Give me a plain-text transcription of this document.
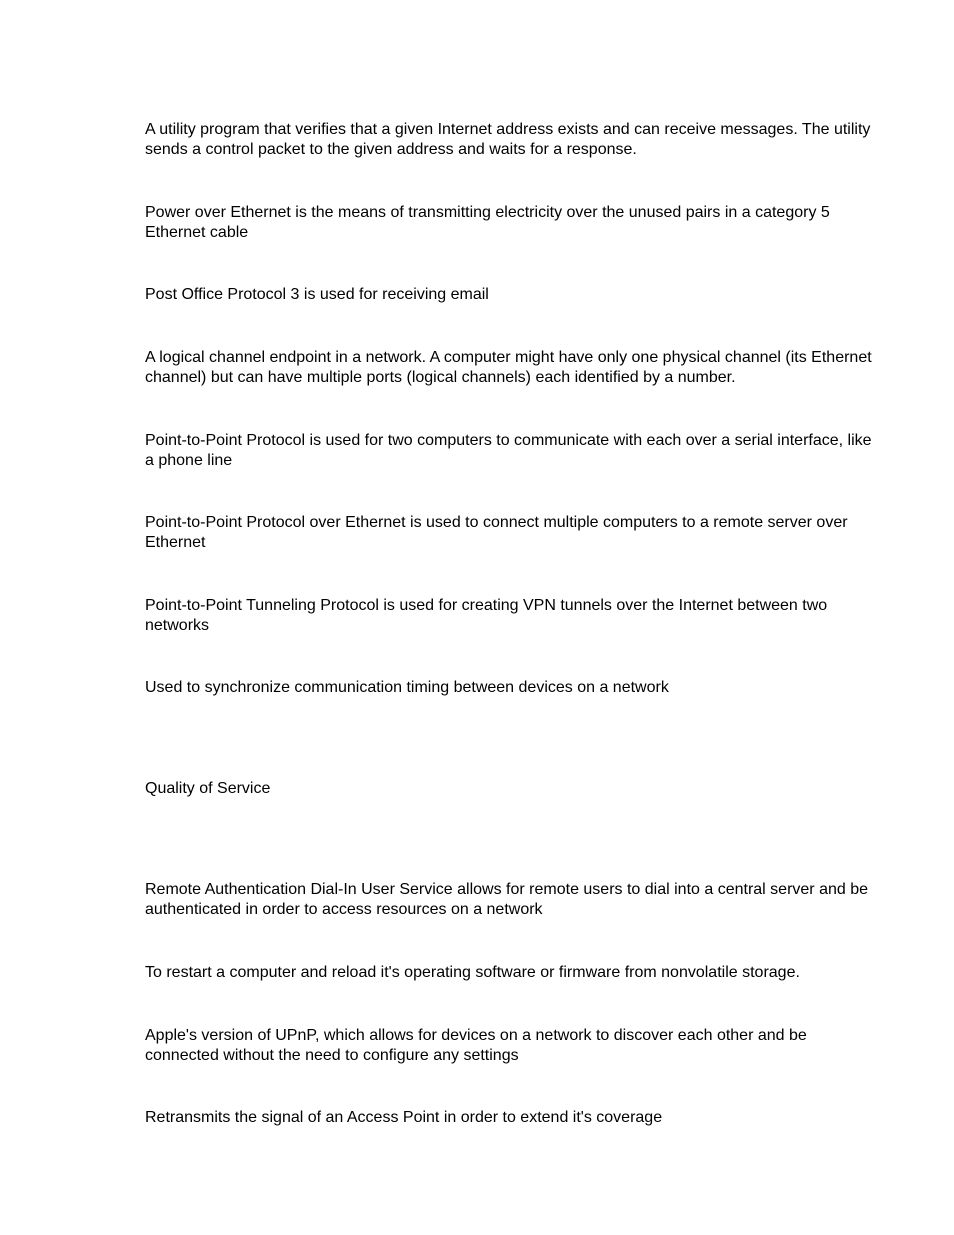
A utility program that verifies that a given Internet address exists and can receive messages. The utility sends a control packet to the given address and waits for a response.

Power over Ethernet is the means of transmitting electricity over the unused pairs in a category 5 Ethernet cable

Post Office Protocol 3 is used for receiving email

A logical channel endpoint in a network. A computer might have only one physical channel (its Ethernet channel) but can have multiple ports (logical channels) each identified by a number.

Point-to-Point Protocol is used for two computers to communicate with each over a serial interface, like a phone line

Point-to-Point Protocol over Ethernet is used to connect multiple computers to a remote server over Ethernet

Point-to-Point Tunneling Protocol is used for creating VPN tunnels over the Internet between two networks

Used to synchronize communication timing between devices on a network

Quality of Service

Remote Authentication Dial-In User Service allows for remote users to dial into a central server and be authenticated in order to access resources on a network

To restart a computer and reload it's operating software or firmware from nonvolatile storage.

Apple's version of UPnP, which allows for devices on a network to discover each other and be connected without the need to configure any settings

Retransmits the signal of an Access Point in order to extend it's coverage
